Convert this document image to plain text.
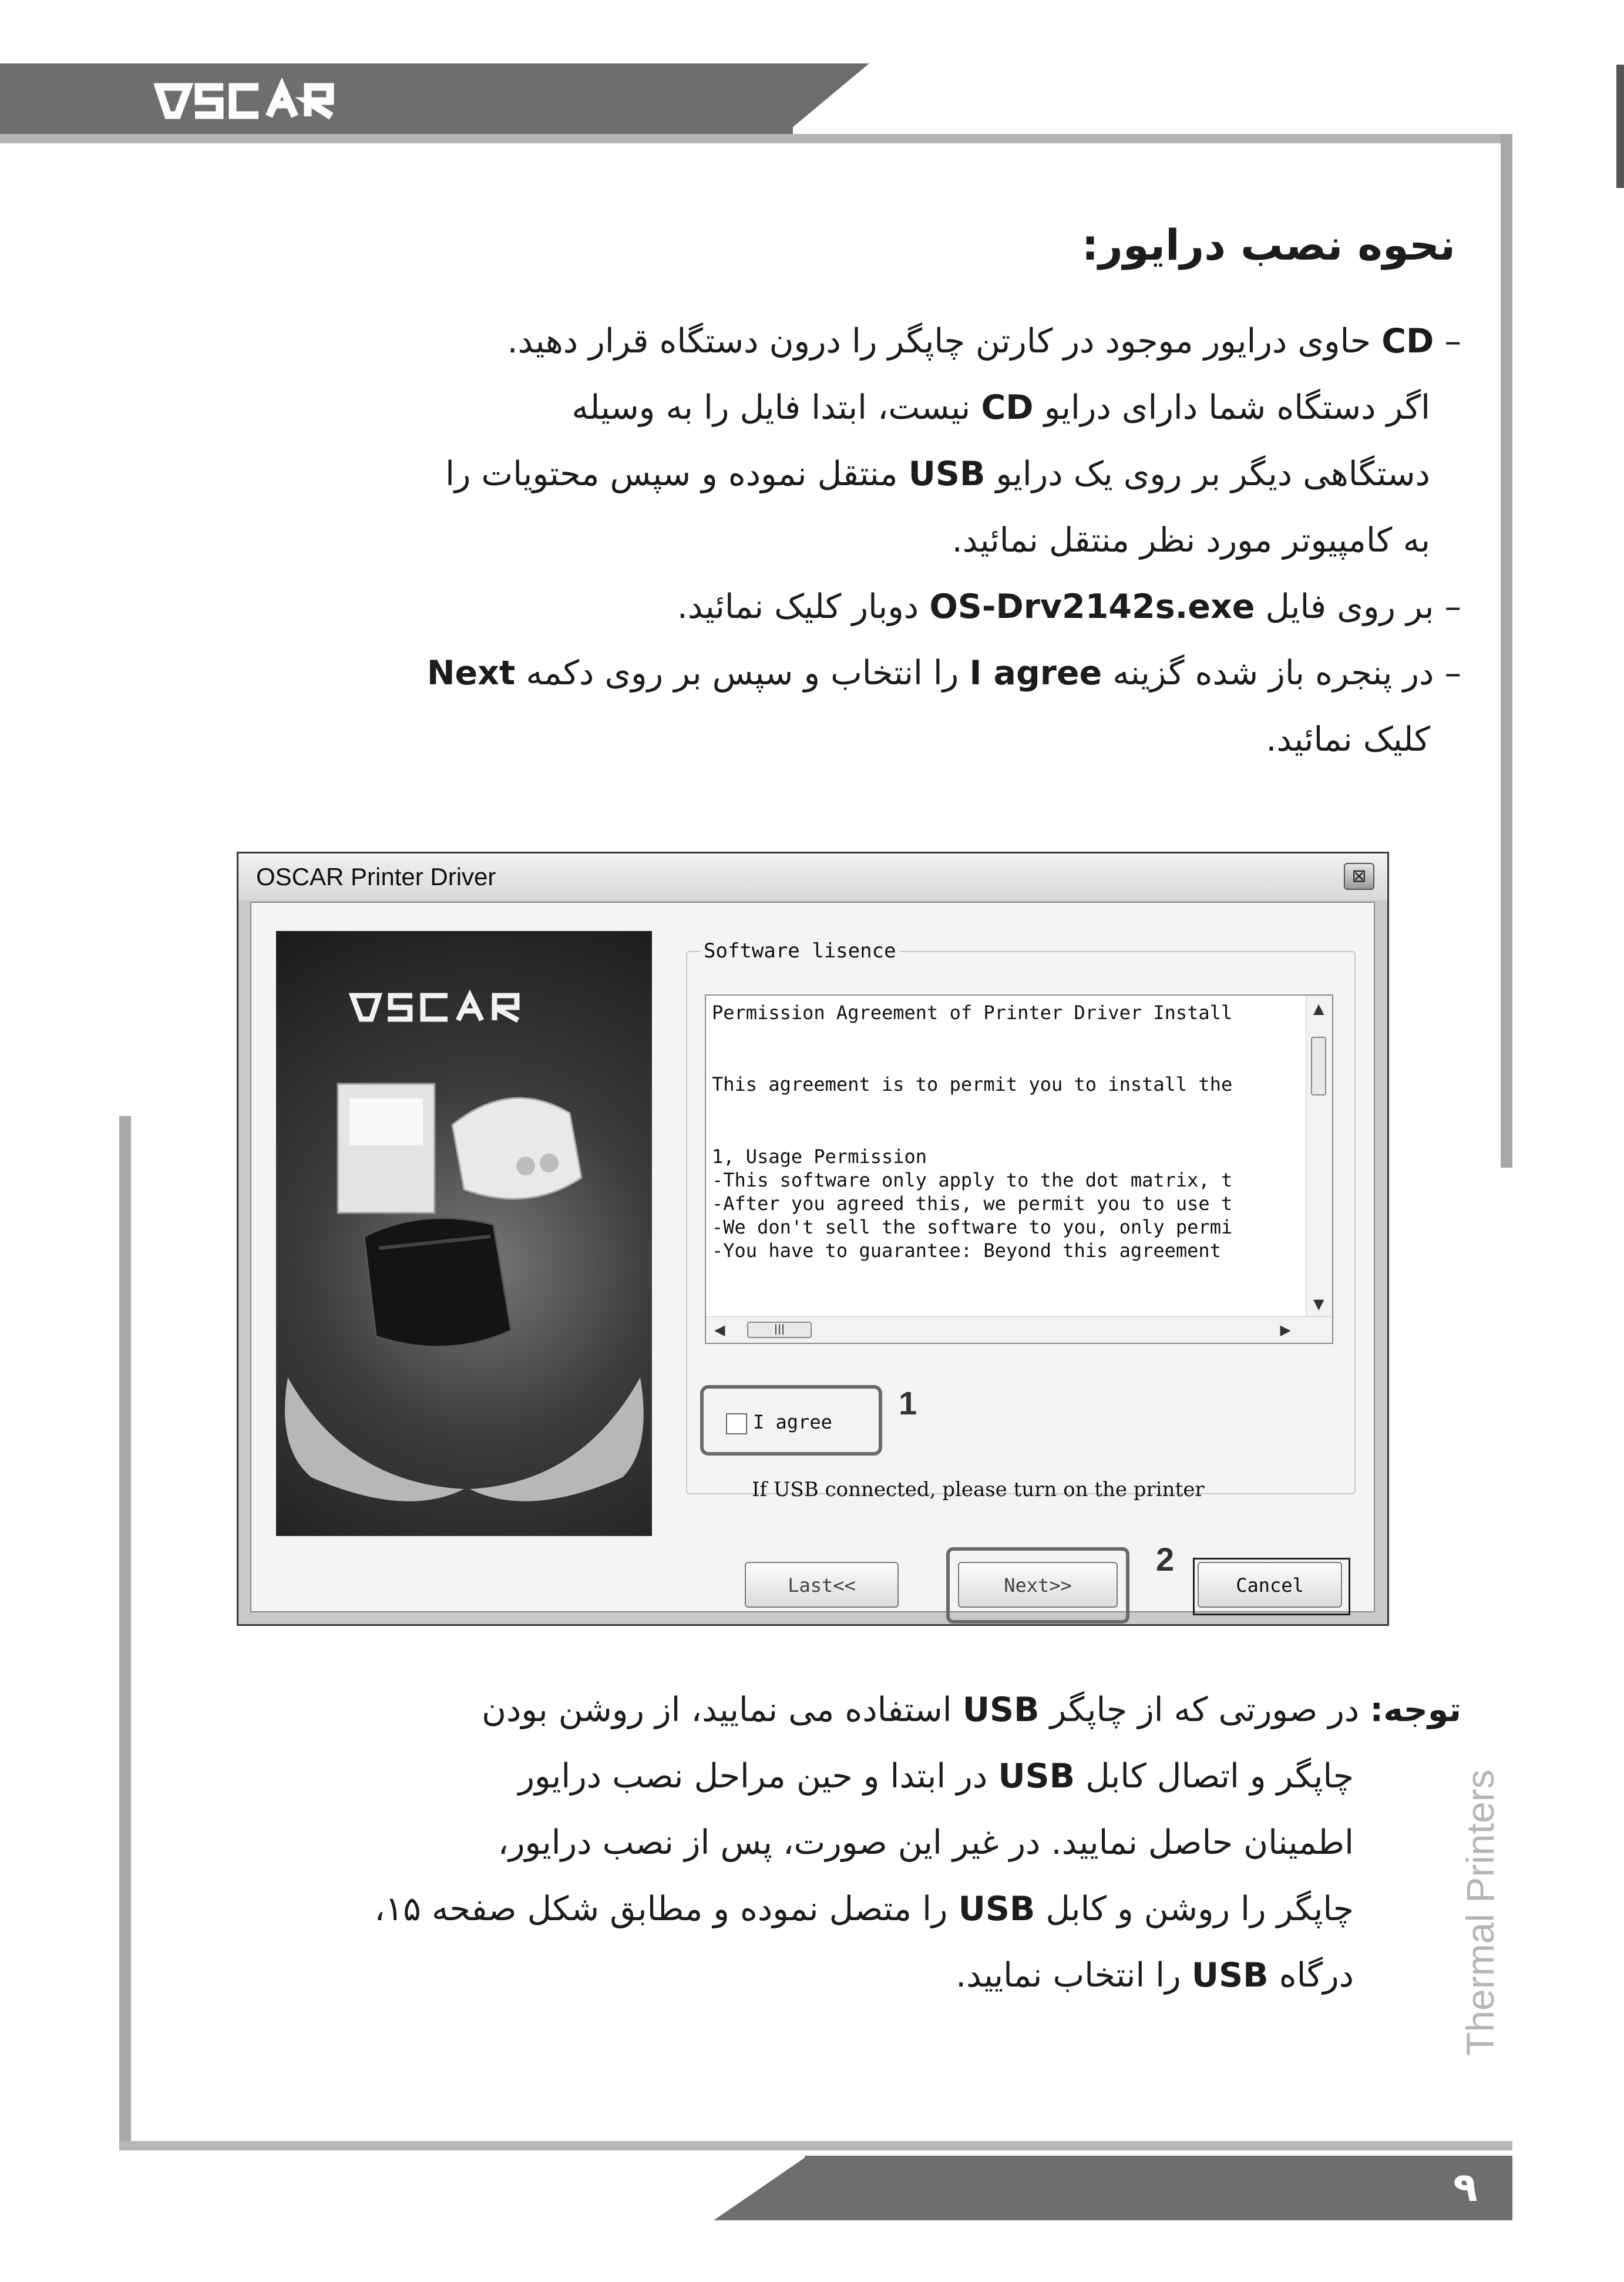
۹
Thermal Printers
نحوه نصب درایور:
– CD حاوی درایور موجود در کارتن چاپگر را درون دستگاه قرار دهید.
اگر دستگاه شما دارای درایو CD نیست، ابتدا فایل را به وسیله
دستگاهی دیگر بر روی یک درایو USB منتقل نموده و سپس محتویات را
به کامپیوتر مورد نظر منتقل نمائید.
– بر روی فایل OS-Drv2142s.exe دوبار کلیک نمائید.
– در پنجره باز شده گزینه I agree را انتخاب و سپس بر روی دکمه Next
کلیک نمائید.
OSCAR Printer Driver	⊠
Software lisence
Permission Agreement of Printer Driver Install
This agreement is to permit you to install the
1, Usage Permission
-This software only apply to the dot matrix, t
-After you agreed this, we permit you to use t
-We don't sell the software to you, only permi
-You have to guarantee: Beyond this agreement
▲
▼
◀	|||	▶
I agree
1
If USB connected, please turn on the printer
Last<<	Next>>
2
Cancel
توجه: در صورتی که از چاپگر USB استفاده می نمایید، از روشن بودن
چاپگر و اتصال کابل USB در ابتدا و حین مراحل نصب درایور
اطمینان حاصل نمایید. در غیر این صورت، پس از نصب درایور،
چاپگر را روشن و کابل USB را متصل نموده و مطابق شکل صفحه ۱۵،
درگاه USB را انتخاب نمایید.
